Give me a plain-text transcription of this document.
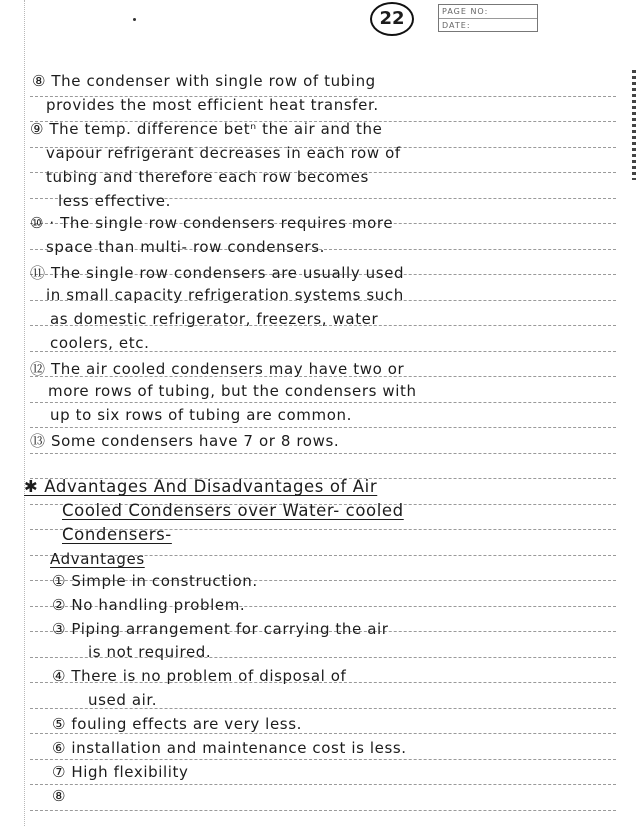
22	PAGE NO:
DATE:
⑧ The condenser with single row of tubing
provides the most efficient heat transfer.
⑨ The temp. difference betⁿ the air and the
vapour refrigerant decreases in each row of
tubing and therefore each row becomes
less effective.
⑩ · The single row condensers requires more
space than multi- row condensers.
⑪ The single row condensers are usually used
in small capacity refrigeration systems such
as domestic refrigerator, freezers, water
coolers, etc.
⑫ The air cooled condensers may have two or
more rows of tubing, but the condensers with
up to six rows of tubing are common.
⑬ Some condensers have 7 or 8 rows.
✱ Advantages And Disadvantages of Air
Cooled Condensers over Water- cooled
Condensers-
Advantages
① Simple in construction.
② No handling problem.
③ Piping arrangement for carrying the air
is not required.
④ There is no problem of disposal of
used air.
⑤ fouling effects are very less.
⑥ installation and maintenance cost is less.
⑦ High flexibility
⑧
